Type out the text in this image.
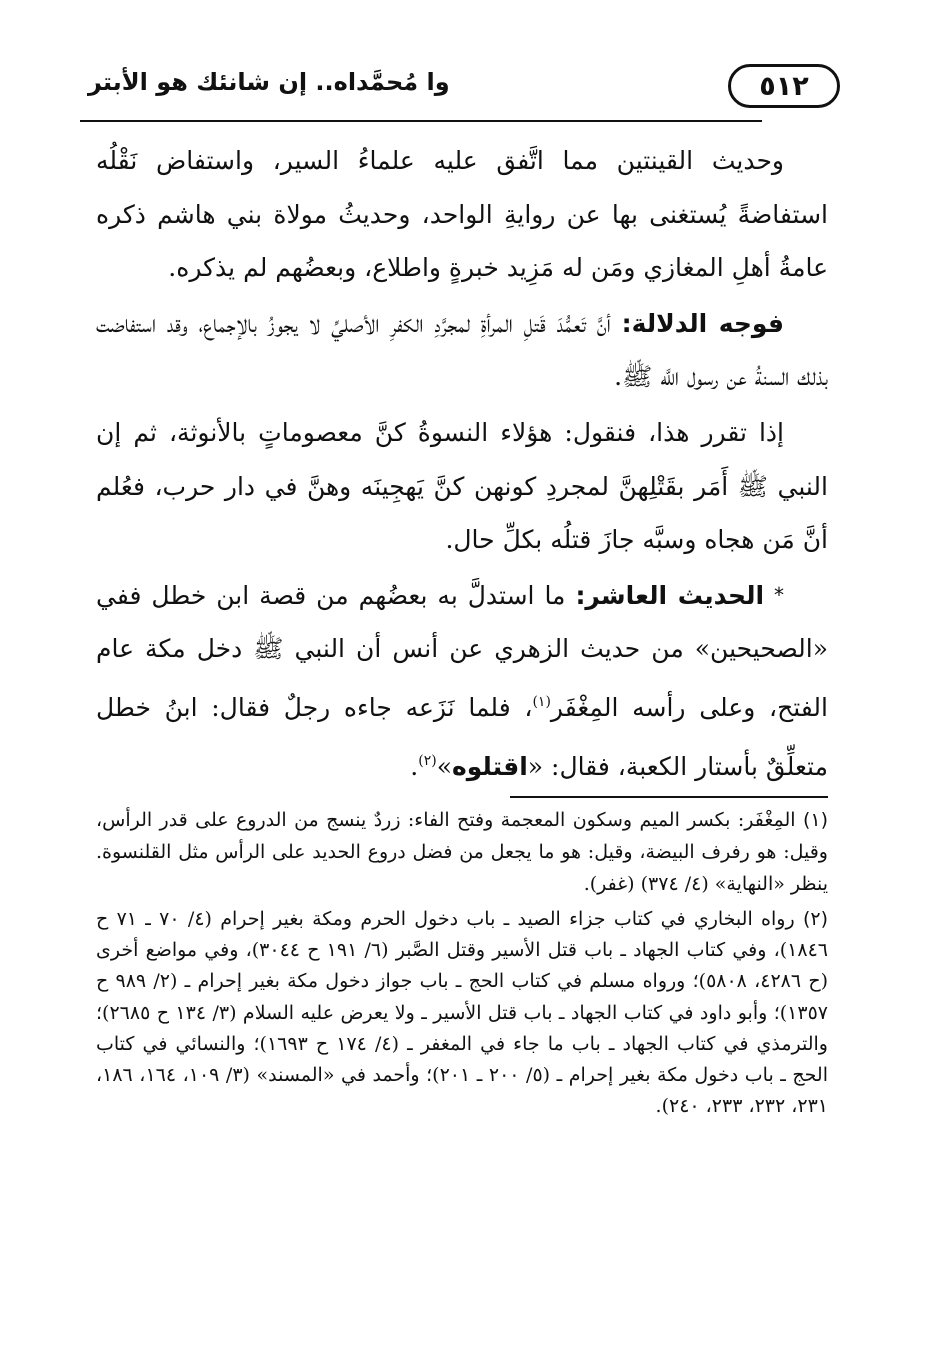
وا مُحمَّداه.. إن شانئك هو الأبتر	٥١٢

وحديث القينتين مما اتَّفق عليه علماءُ السير، واستفاض نَقْلُه استفاضةً يُستغنى بها عن روايةِ الواحد، وحديثُ مولاة بني هاشم ذكره عامةُ أهلِ المغازي ومَن له مَزِيد خبرةٍ واطلاع، وبعضُهم لم يذكره.

فوجه الدلالة: أنَّ تَعمُّدَ قَتلِ المرأةِ لمجرَّدِ الكفرِ الأصليِّ لا يجوزُ بالإجماع، وقد استفاضت بذلك السنةُ عن رسول اللَّه ﷺ.

إذا تقرر هذا، فنقول: هؤلاء النسوةُ كنَّ معصوماتٍ بالأنوثة، ثم إن النبي ﷺ أَمَر بقَتْلِهنَّ لمجردِ كونهن كنَّ يَهجِينَه وهنَّ في دار حرب، فعُلم أنَّ مَن هجاه وسبَّه جازَ قتلُه بكلِّ حال.

* الحديث العاشر: ما استدلَّ به بعضُهم من قصة ابن خطل ففي «الصحيحين» من حديث الزهري عن أنس أن النبي ﷺ دخل مكة عام الفتح، وعلى رأسه المِغْفَر$^{(١)}$، فلما نَزَعه جاءه رجلٌ فقال: ابنُ خطل متعلِّقٌ بأستار الكعبة، فقال: «اقتلوه»$^{(٢)}$.

(١) المِغْفَر: بكسر الميم وسكون المعجمة وفتح الفاء: زردٌ ينسج من الدروع على قدر الرأس، وقيل: هو رفرف البيضة، وقيل: هو ما يجعل من فضل دروع الحديد على الرأس مثل القلنسوة. ينظر «النهاية» (٤/ ٣٧٤) (غفر).

(٢) رواه البخاري في كتاب جزاء الصيد ـ باب دخول الحرم ومكة بغير إحرام (٤/ ٧٠ ـ ٧١ ح ١٨٤٦)، وفي كتاب الجهاد ـ باب قتل الأسير وقتل الصَّبر (٦/ ١٩١ ح ٣٠٤٤)، وفي مواضع أخرى (ح ٤٢٨٦، ٥٨٠٨)؛ ورواه مسلم في كتاب الحج ـ باب جواز دخول مكة بغير إحرام ـ (٢/ ٩٨٩ ح ١٣٥٧)؛ وأبو داود في كتاب الجهاد ـ باب قتل الأسير ـ ولا يعرض عليه السلام (٣/ ١٣٤ ح ٢٦٨٥)؛ والترمذي في كتاب الجهاد ـ باب ما جاء في المغفر ـ (٤/ ١٧٤ ح ١٦٩٣)؛ والنسائي في كتاب الحج ـ باب دخول مكة بغير إحرام ـ (٥/ ٢٠٠ ـ ٢٠١)؛ وأحمد في «المسند» (٣/ ١٠٩، ١٦٤، ١٨٦، ٢٣١، ٢٣٢، ٢٣٣، ٢٤٠).
